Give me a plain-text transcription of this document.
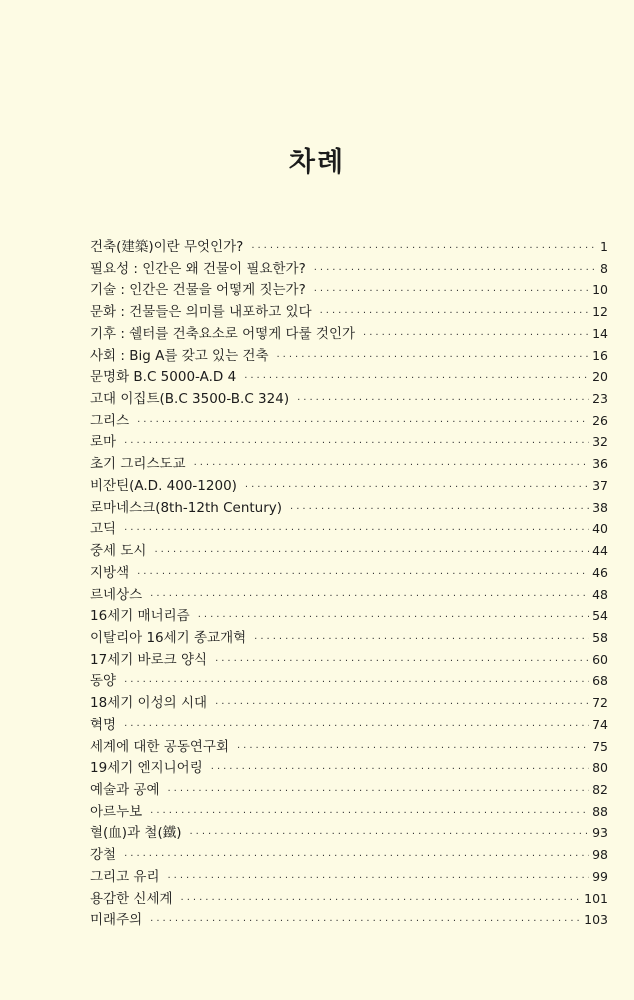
차례
건축(建築)이란 무엇인가? ·····	1
필요성 : 인간은 왜 건물이 필요한가? ·····	8
기술 : 인간은 건물을 어떻게 짓는가? ·····	10
문화 : 건물들은 의미를 내포하고 있다 ·····	12
기후 : 쉘터를 건축요소로 어떻게 다룰 것인가 ·····	14
사회 : Big A를 갖고 있는 건축 ·····	16
문명화 B.C 5000-A.D 4 ·····	20
고대 이집트(B.C 3500-B.C 324) ·····	23
그리스 ·····	26
로마 ·····	32
초기 그리스도교 ·····	36
비잔틴(A.D. 400-1200) ·····	37
로마네스크(8th-12th Century) ·····	38
고딕 ·····	40
중세 도시 ·····	44
지방색 ·····	46
르네상스 ·····	48
16세기 매너리즘 ·····	54
이탈리아 16세기 종교개혁 ·····	58
17세기 바로크 양식 ·····	60
동양 ·····	68
18세기 이성의 시대 ·····	72
혁명 ·····	74
세계에 대한 공동연구회 ·····	75
19세기 엔지니어링 ·····	80
예술과 공예 ·····	82
아르누보 ·····	88
혈(血)과 철(鐵) ·····	93
강철 ·····	98
그리고 유리 ·····	99
용감한 신세계 ·····	101
미래주의 ·····	103
